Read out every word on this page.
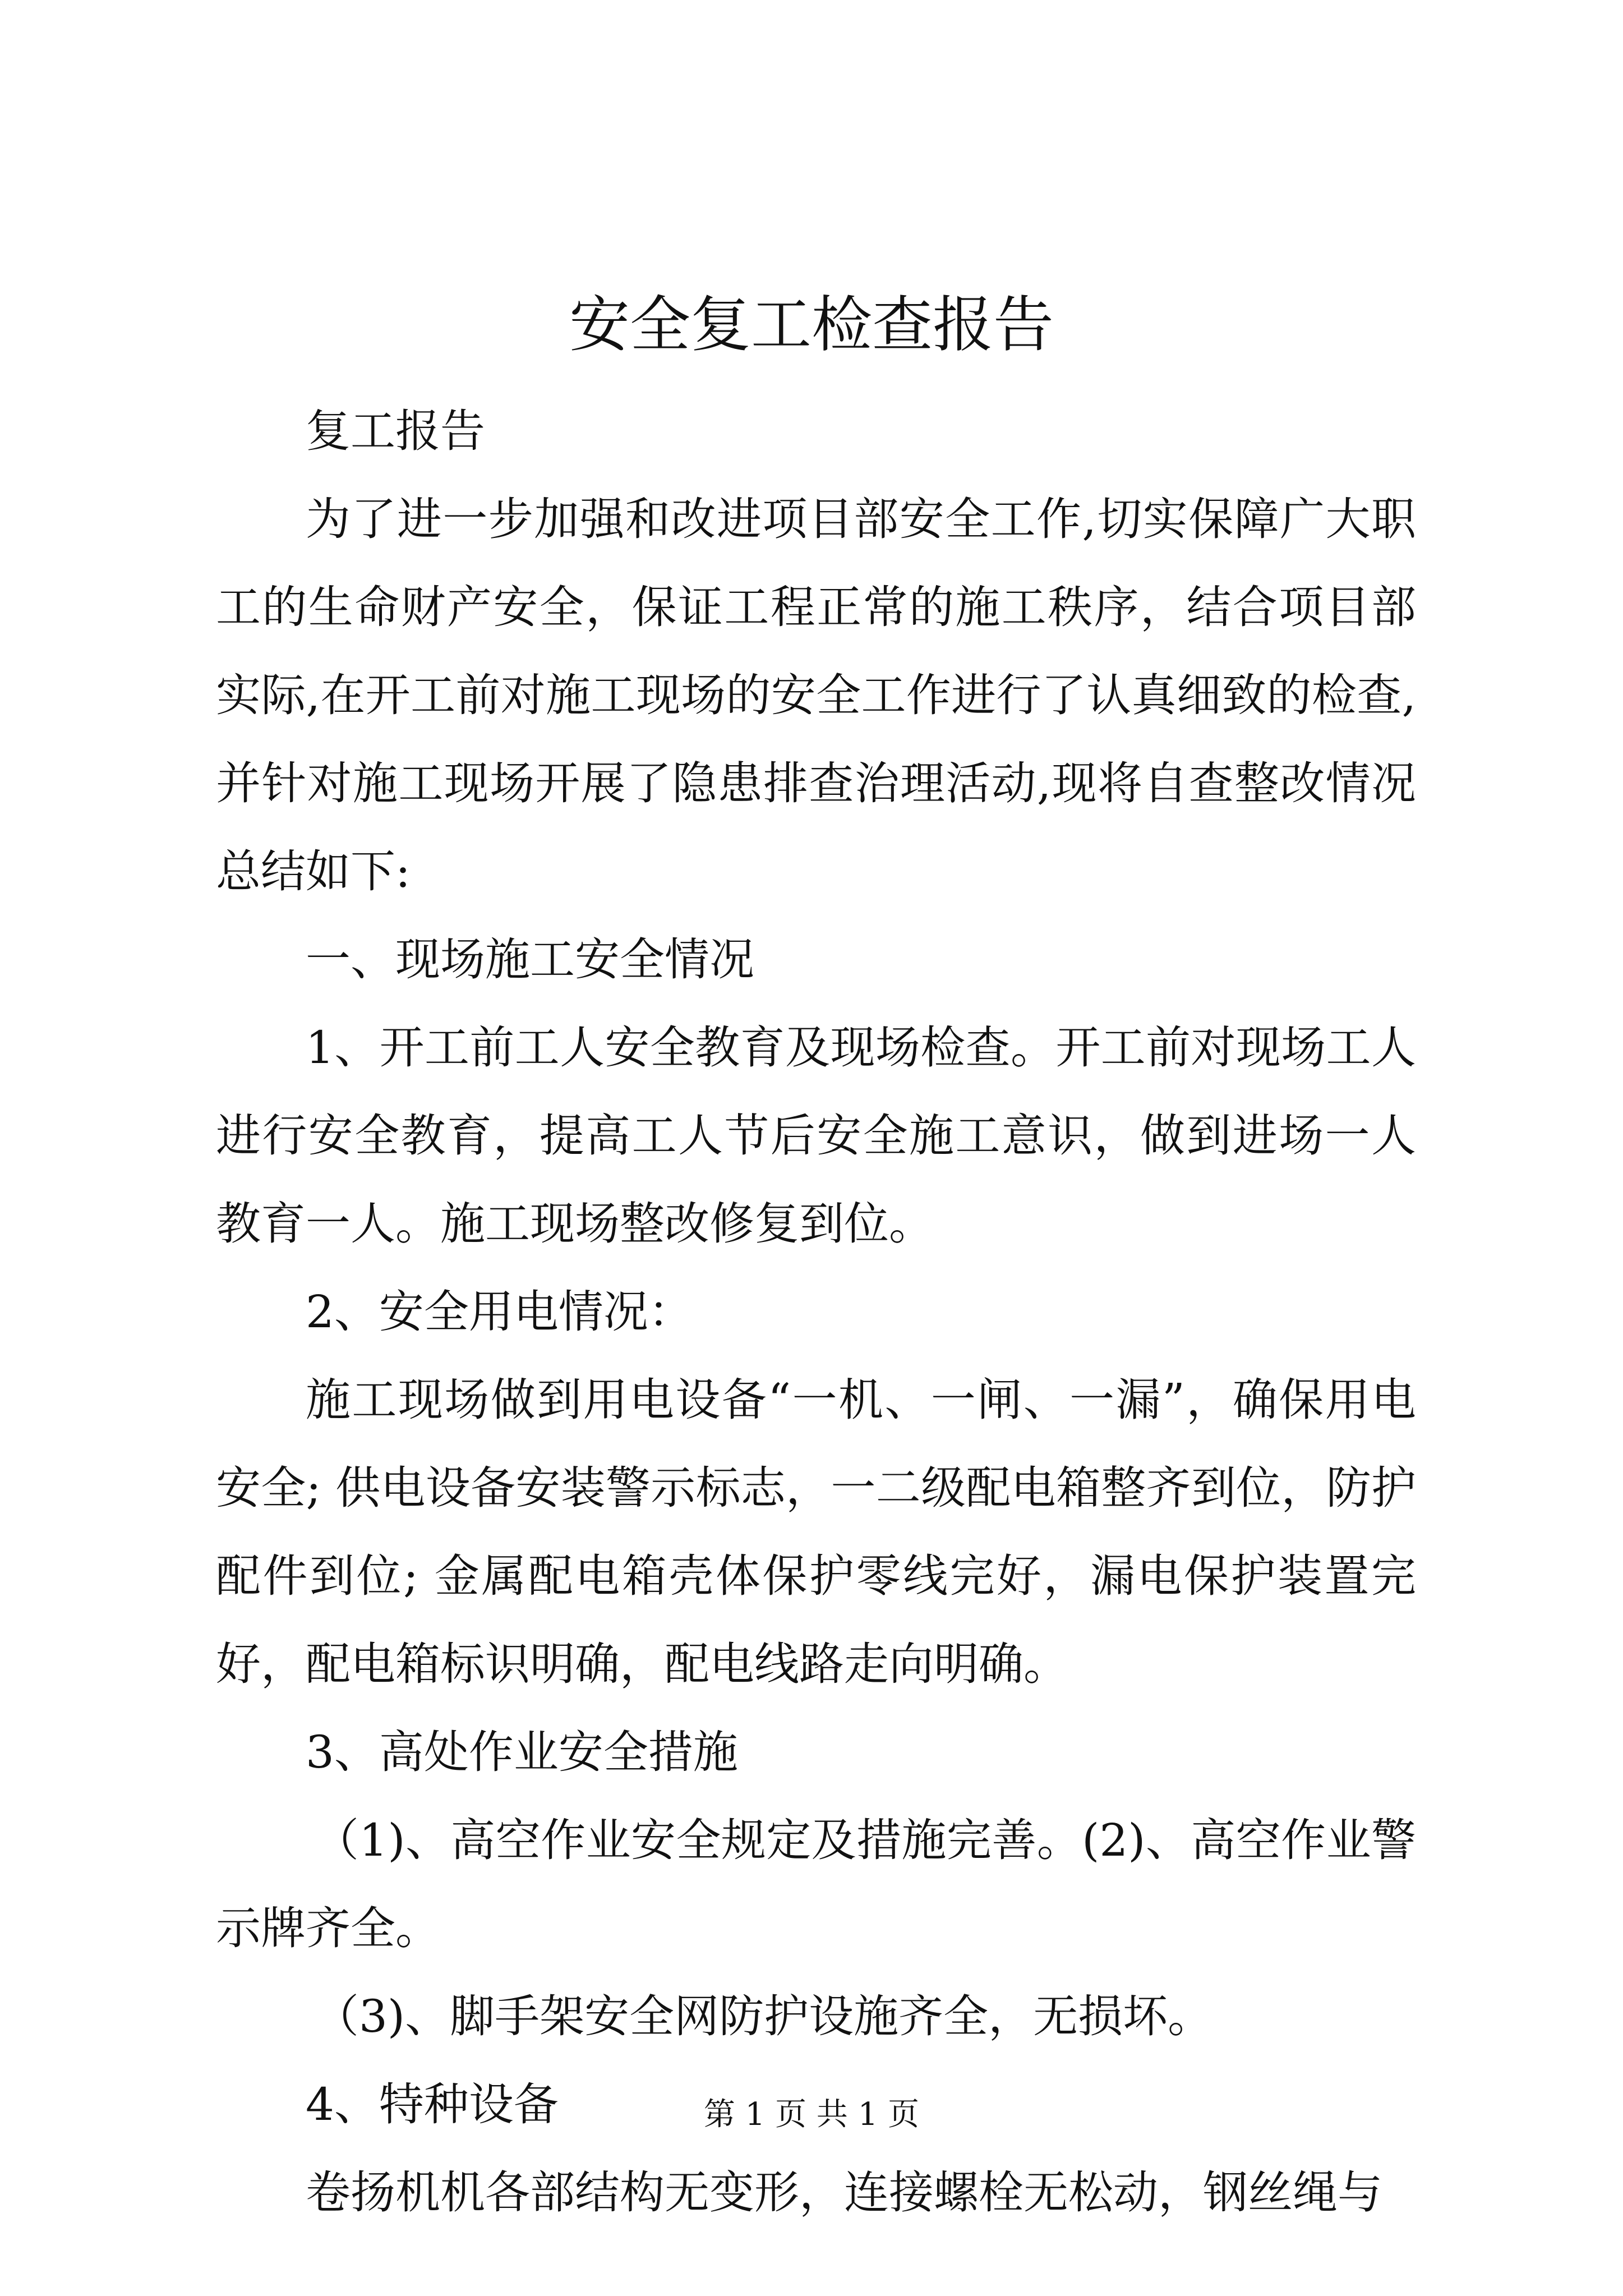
安全复工检查报告

复工报告

为了进一步加强和改进项目部安全工作,切实保障广大职工的生命财产安全，保证工程正常的施工秩序，结合项目部实际,在开工前对施工现场的安全工作进行了认真细致的检查,并针对施工现场开展了隐患排查治理活动,现将自查整改情况总结如下:

一、现场施工安全情况

1、开工前工人安全教育及现场检查。开工前对现场工人进行安全教育，提高工人节后安全施工意识，做到进场一人教育一人。施工现场整改修复到位。

2、安全用电情况：

施工现场做到用电设备“一机、一闸、一漏”，确保用电安全; 供电设备安装警示标志，一二级配电箱整齐到位，防护配件到位; 金属配电箱壳体保护零线完好，漏电保护装置完好，配电箱标识明确，配电线路走向明确。

3、高处作业安全措施

（1)、高空作业安全规定及措施完善。(2)、高空作业警示牌齐全。

（3)、脚手架安全网防护设施齐全，无损坏。

4、特种设备

卷扬机机各部结构无变形，连接螺栓无松动，钢丝绳与

第 1 页 共 1 页
